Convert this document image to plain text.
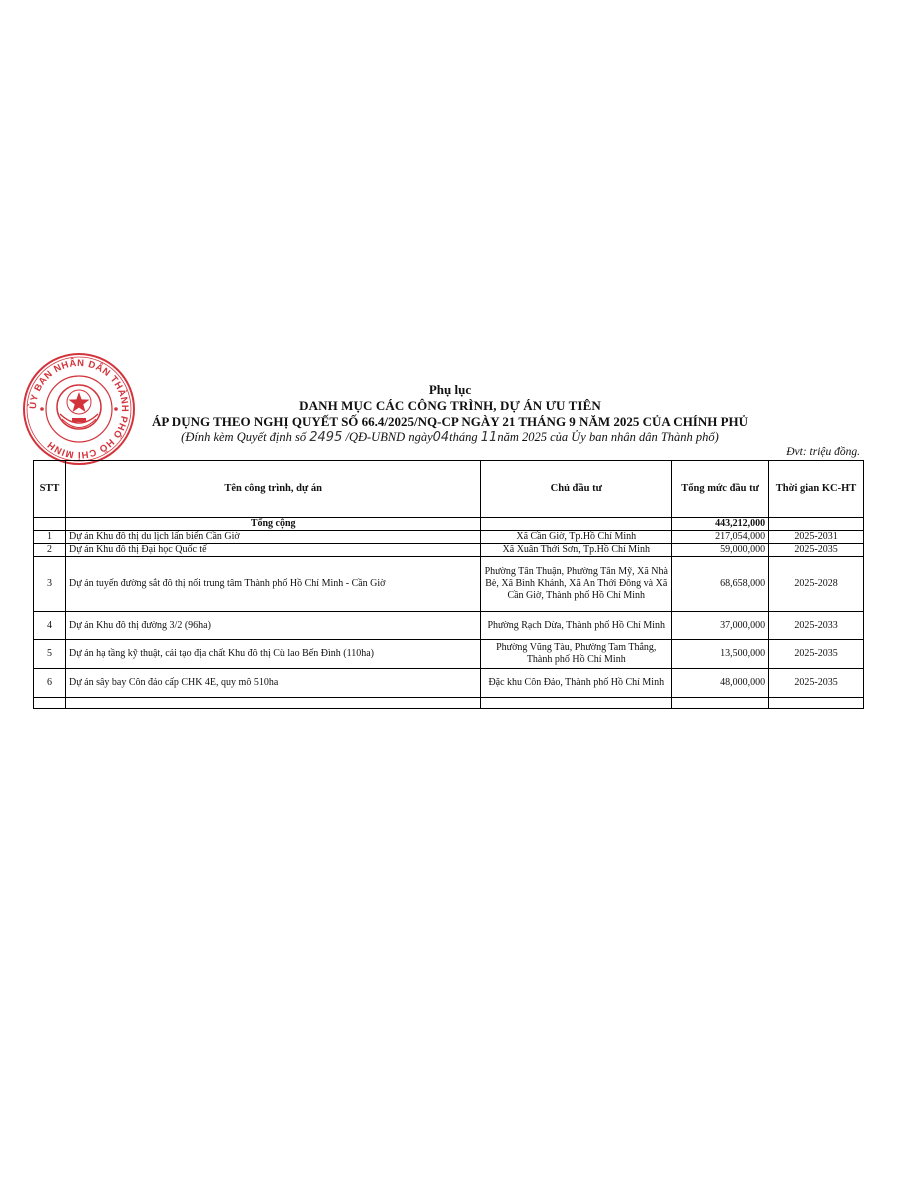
ỦY BAN NHÂN DÂN THÀNH PHỐ HỒ CHÍ MINH
Phụ lục
DANH MỤC CÁC CÔNG TRÌNH, DỰ ÁN ƯU TIÊN
ÁP DỤNG THEO NGHỊ QUYẾT SỐ 66.4/2025/NQ-CP NGÀY 21 THÁNG 9 NĂM 2025 CỦA CHÍNH PHỦ
(Đính kèm Quyết định số 2495 /QĐ-UBND ngày04tháng 11năm 2025 của Ủy ban nhân dân Thành phố)
Đvt: triệu đồng.
STT	Tên công trình, dự án	Chủ đầu tư	Tổng mức đầu tư	Thời gian KC-HT
	Tổng cộng		443,212,000	
1	Dự án Khu đô thị du lịch lấn biển Cần Giờ	Xã Cần Giờ, Tp.Hồ Chí Minh	217,054,000	2025-2031
2	Dự án Khu đô thị Đại học Quốc tế	Xã Xuân Thới Sơn, Tp.Hồ Chí Minh	59,000,000	2025-2035
3	Dự án tuyến đường sắt đô thị nối trung tâm Thành phố Hồ Chí Minh - Cần Giờ	Phường Tân Thuận, Phường Tân Mỹ, Xã Nhà Bè, Xã Bình Khánh, Xã An Thới Đông và Xã Cần Giờ, Thành phố Hồ Chí Minh	68,658,000	2025-2028
4	Dự án Khu đô thị đường 3/2 (96ha)	Phường Rạch Dừa, Thành phố Hồ Chí Minh	37,000,000	2025-2033
5	Dự án hạ tầng kỹ thuật, cải tạo địa chất Khu đô thị Cù lao Bến Đình (110ha)	Phường Vũng Tàu, Phường Tam Thắng, Thành phố Hồ Chí Minh	13,500,000	2025-2035
6	Dự án sây bay Côn đảo cấp CHK 4E, quy mô 510ha	Đặc khu Côn Đảo, Thành phố Hồ Chí Minh	48,000,000	2025-2035
